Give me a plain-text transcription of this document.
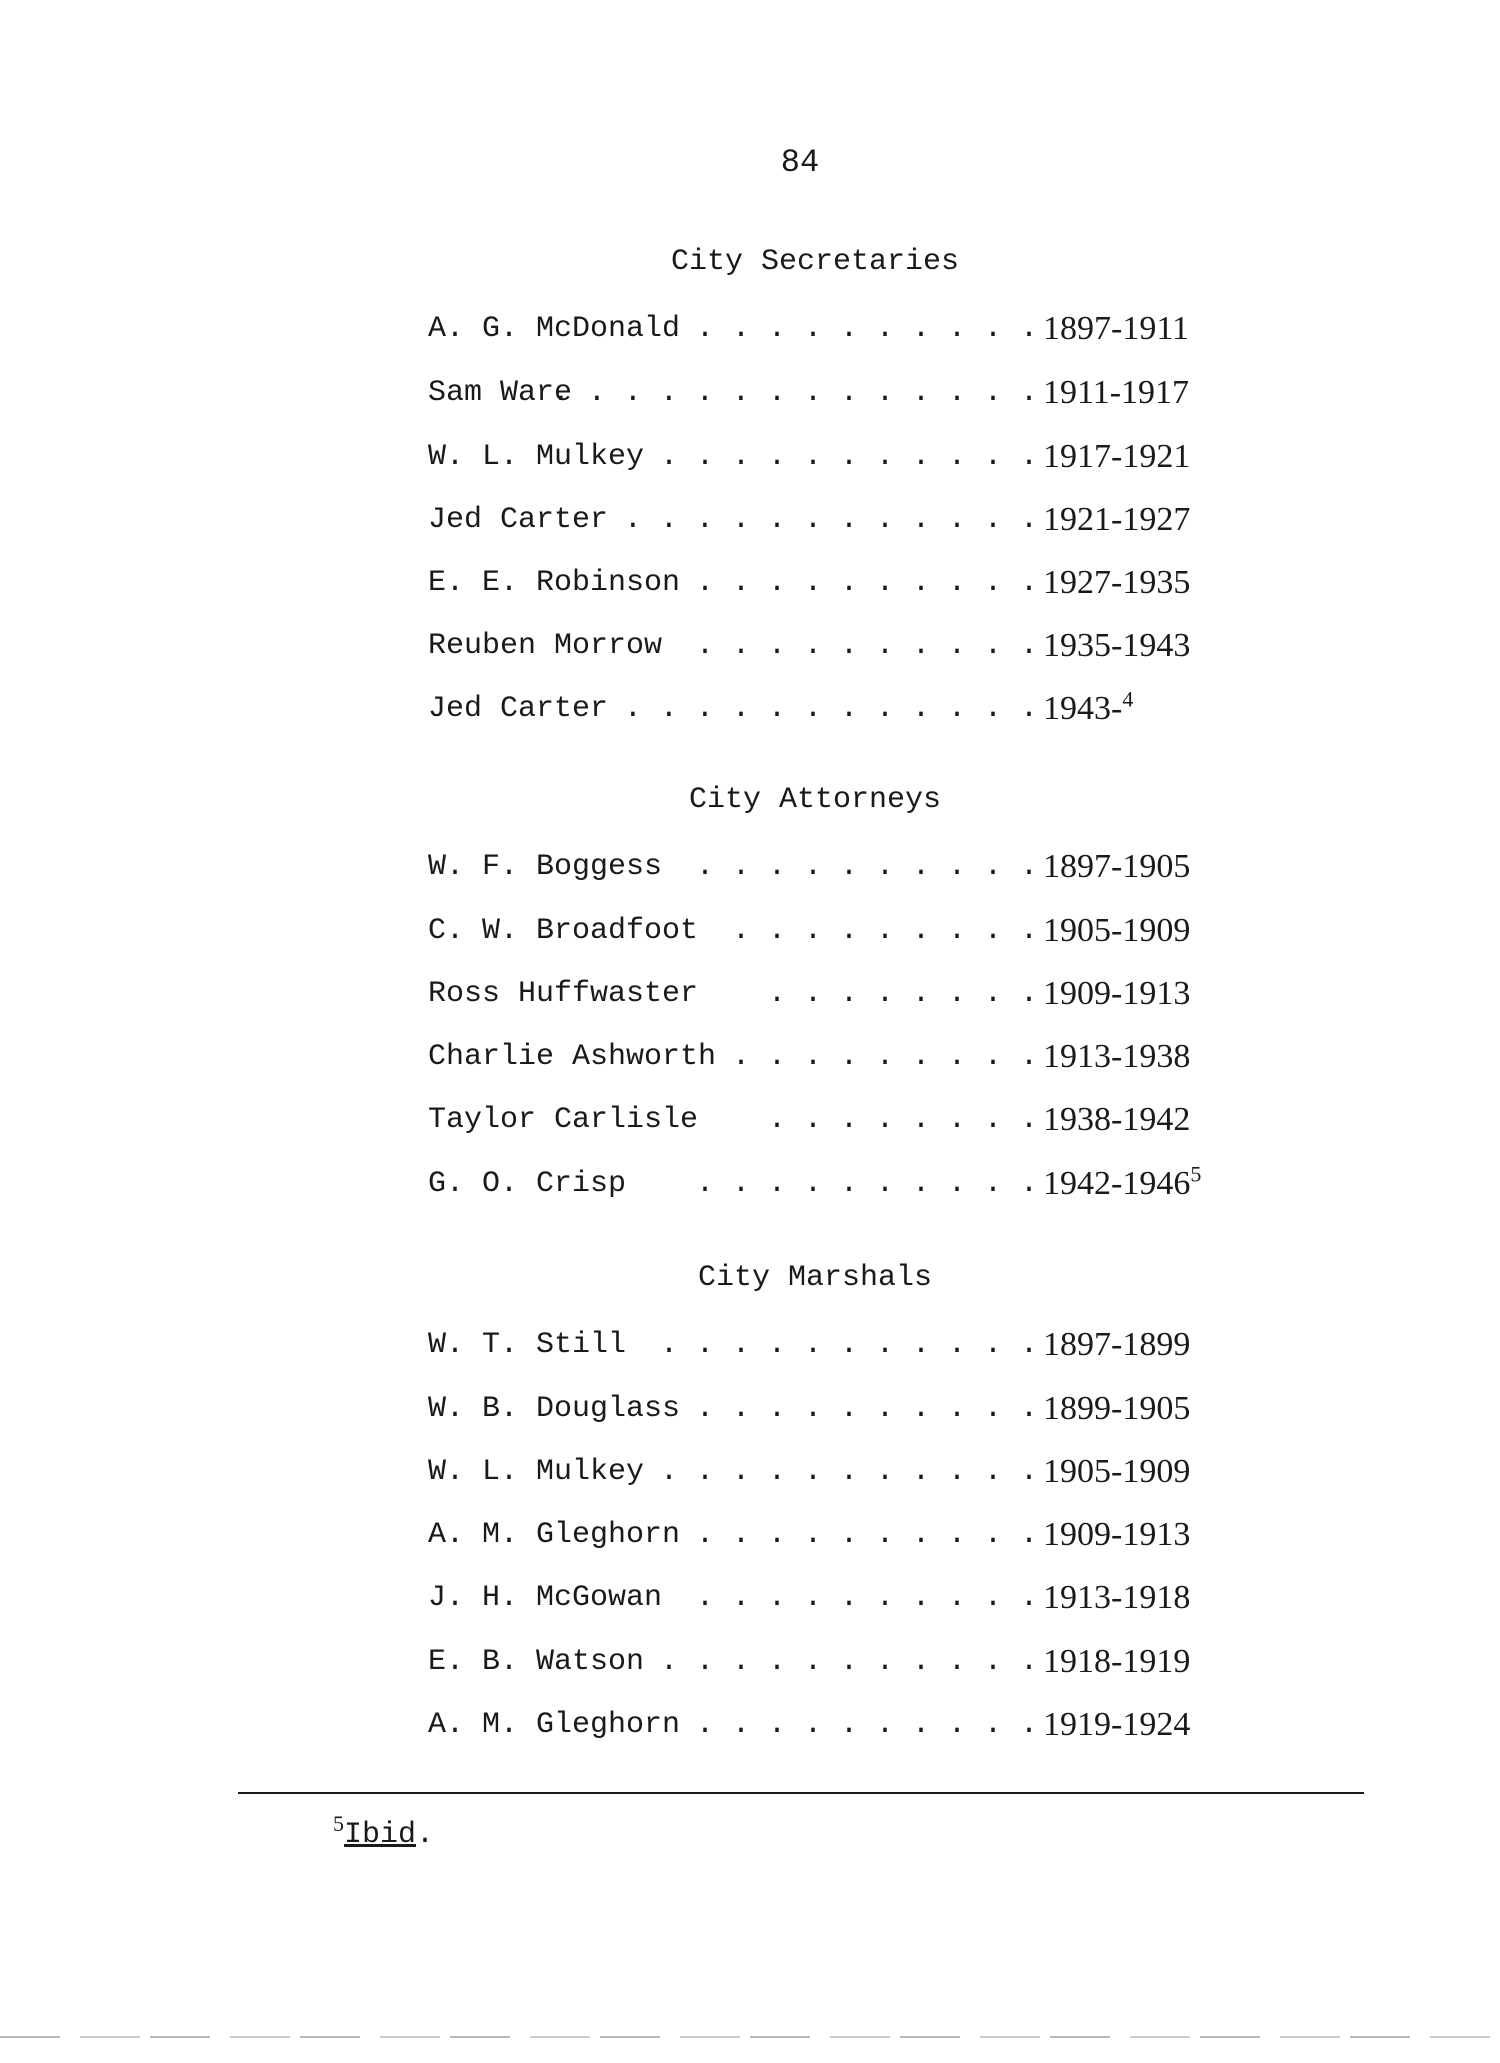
84
City Secretaries
A. G. McDonald . . . . . . . . . . 1897-1911
Sam Ware
. . . . . . . . . . . . . . 1911-1917
W. L. Mulkey . . . . . . . . . . . 1917-1921
Jed Carter . . . . . . . . . . . . 1921-1927
E. E. Robinson . . . . . . . . . . 1927-1935
Reuben Morrow . . . . . . . . . . 1935-1943
Jed Carter . . . . . . . . . . . . 1943-$^4$
City Attorneys
W. F. Boggess . . . . . . . . . . 1897-1905
C. W. Broadfoot . . . . . . . . . 1905-1909
Ross Huffwaster . . . . . . . . 1909-1913
Charlie Ashworth . . . . . . . . . 1913-1938
Taylor Carlisle . . . . . . . . 1938-1942
G. O. Crisp . . . . . . . . . . 1942-1946$^5$
City Marshals
W. T. Still . . . . . . . . . . . 1897-1899
W. B. Douglass . . . . . . . . . . 1899-1905
W. L. Mulkey . . . . . . . . . . . 1905-1909
A. M. Gleghorn . . . . . . . . . . 1909-1913
J. H. McGowan . . . . . . . . . . 1913-1918
E. B. Watson . . . . . . . . . . . 1918-1919
A. M. Gleghorn . . . . . . . . . . 1919-1924
$^5$Ibid.
